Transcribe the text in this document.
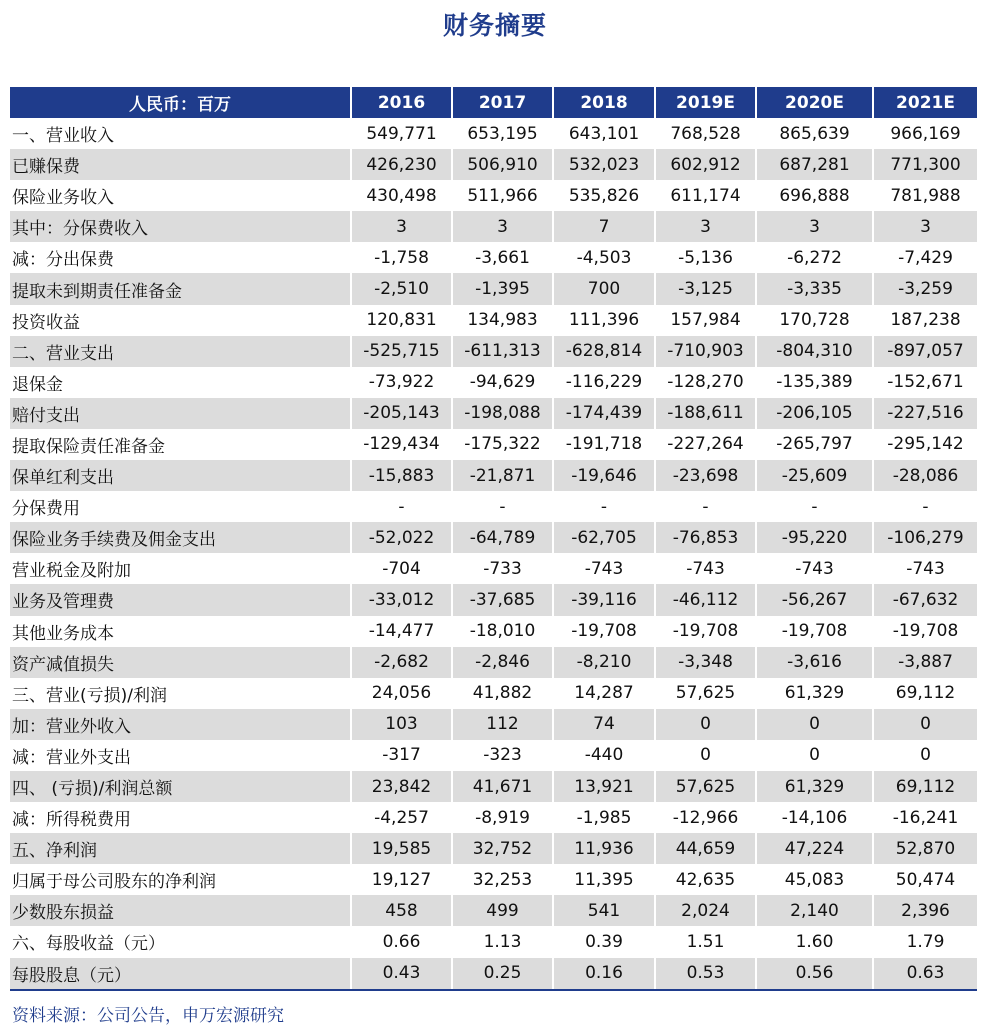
财务摘要
人民币：百万	2016	2017	2018	2019E	2020E	2021E
一、营业收入	549,771	653,195	643,101	768,528	865,639	966,169
已赚保费	426,230	506,910	532,023	602,912	687,281	771,300
保险业务收入	430,498	511,966	535,826	611,174	696,888	781,988
其中：分保费收入	3	3	7	3	3	3
减：分出保费	-1,758	-3,661	-4,503	-5,136	-6,272	-7,429
提取未到期责任准备金	-2,510	-1,395	700	-3,125	-3,335	-3,259
投资收益	120,831	134,983	111,396	157,984	170,728	187,238
二、营业支出	-525,715	-611,313	-628,814	-710,903	-804,310	-897,057
退保金	-73,922	-94,629	-116,229	-128,270	-135,389	-152,671
赔付支出	-205,143	-198,088	-174,439	-188,611	-206,105	-227,516
提取保险责任准备金	-129,434	-175,322	-191,718	-227,264	-265,797	-295,142
保单红利支出	-15,883	-21,871	-19,646	-23,698	-25,609	-28,086
分保费用	-	-	-	-	-	-
保险业务手续费及佣金支出	-52,022	-64,789	-62,705	-76,853	-95,220	-106,279
营业税金及附加	-704	-733	-743	-743	-743	-743
业务及管理费	-33,012	-37,685	-39,116	-46,112	-56,267	-67,632
其他业务成本	-14,477	-18,010	-19,708	-19,708	-19,708	-19,708
资产减值损失	-2,682	-2,846	-8,210	-3,348	-3,616	-3,887
三、营业(亏损)/利润	24,056	41,882	14,287	57,625	61,329	69,112
加：营业外收入	103	112	74	0	0	0
减：营业外支出	-317	-323	-440	0	0	0
四、 (亏损)/利润总额	23,842	41,671	13,921	57,625	61,329	69,112
减：所得税费用	-4,257	-8,919	-1,985	-12,966	-14,106	-16,241
五、净利润	19,585	32,752	11,936	44,659	47,224	52,870
归属于母公司股东的净利润	19,127	32,253	11,395	42,635	45,083	50,474
少数股东损益	458	499	541	2,024	2,140	2,396
六、每股收益（元）	0.66	1.13	0.39	1.51	1.60	1.79
每股股息（元）	0.43	0.25	0.16	0.53	0.56	0.63
资料来源：公司公告，申万宏源研究
